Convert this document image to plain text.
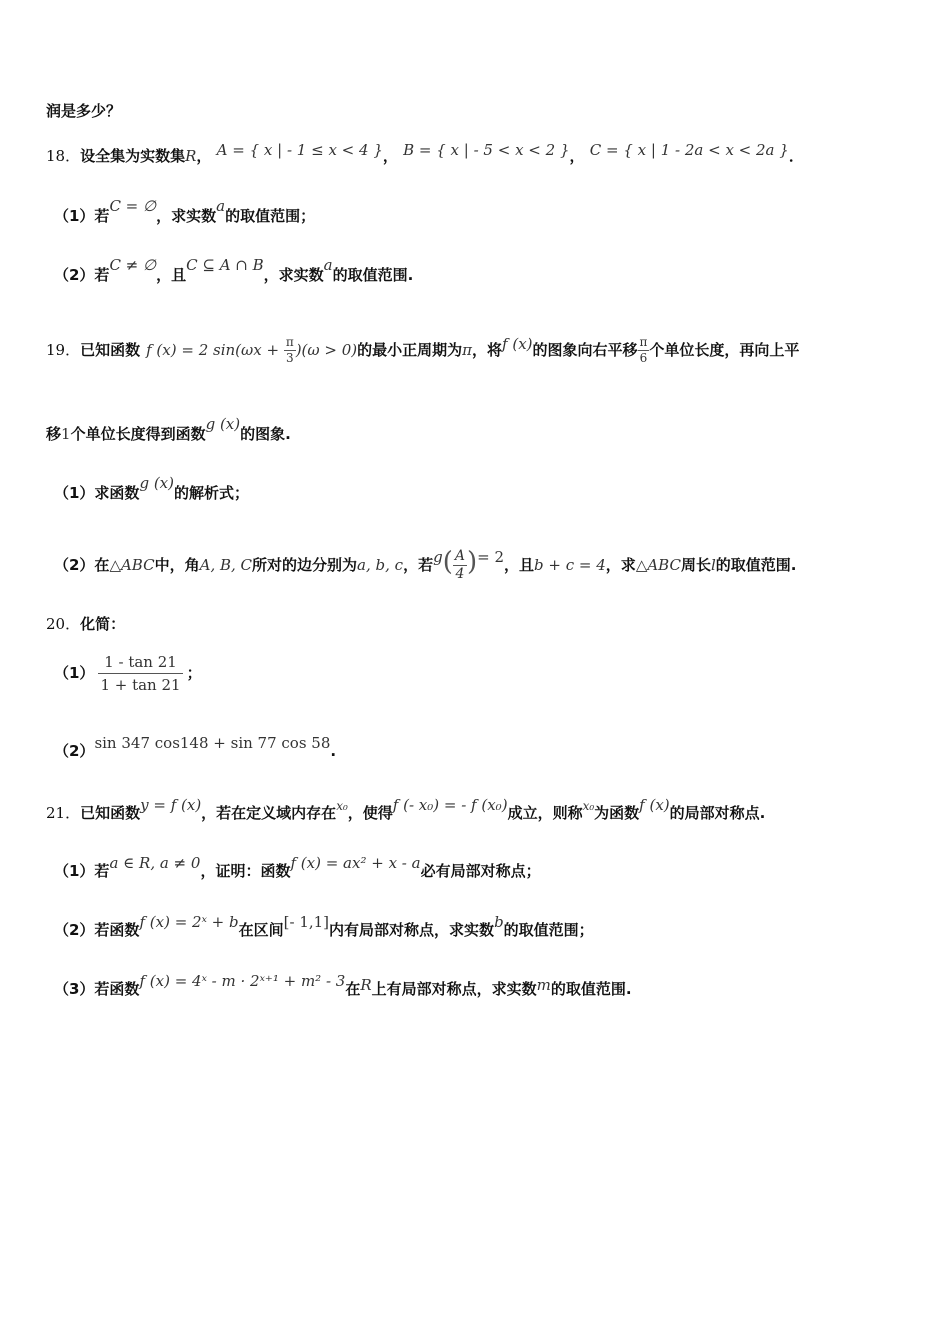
润是多少？
18．设全集为实数集R， A = { x | - 1 ≤ x < 4 }， B = { x | - 5 < x < 2 }， C = { x | 1 - 2a < x < 2a }．
（1）若C = ∅，求实数a的取值范围；
（2）若C ≠ ∅，且C ⊆ A ∩ B，求实数a的取值范围.
19．已知函数 f (x) = 2 $\sin(\omega x + \frac{\pi}{3} )(\omega > 0)$的最小正周期为π，将f (x)的图象向右平移 $\frac{\pi}{6}$ 个单位长度，再向上平
移1个单位长度得到函数g (x)的图象.
（1）求函数g (x)的解析式；
（2）在△ABC中，角A, B, C所对的边分别为a, b, c，若$g( \frac{A}{4}$ )= 2，且b + c = 4，求△ABC周长l的取值范围.
20．化简：
$(1) \frac{1 - \tan 21}{1 + \tan 21}$ ；
（2）sin 347 cos148 + sin 77 cos 58.
21．已知函数y = f (x)，若在定义域内存在$^{x_0}$，使得f (- x₀) = - f (x₀)成立，则称$^{x_0}$为函数f (x)的局部对称点.
（1）若a ∈ R, a ≠ 0，证明：函数f (x) = ax² + x - a必有局部对称点；
（2）若函数f (x) = 2ˣ + b在区间[- 1,1]内有局部对称点，求实数b的取值范围；
（3）若函数f (x) = 4ˣ - m · 2ˣ⁺¹ + m² - 3在R上有局部对称点，求实数m的取值范围.
